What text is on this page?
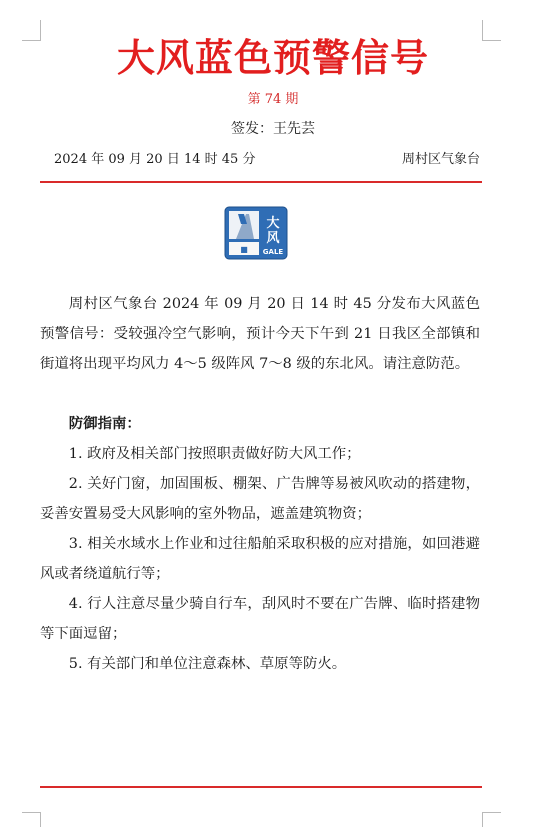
大风蓝色预警信号
第 74 期
签发：王先芸
2024 年 09 月 20 日 14 时 45 分	周村区气象台
■
大
风
GALE

周村区气象台 2024 年 09 月 20 日 14 时 45 分发布大风蓝色预警信号：受较强冷空气影响，预计今天下午到 21 日我区全部镇和街道将出现平均风力 4～5 级阵风 7～8 级的东北风。请注意防范。

防御指南：

1. 政府及相关部门按照职责做好防大风工作；

2. 关好门窗，加固围板、棚架、广告牌等易被风吹动的搭建物，妥善安置易受大风影响的室外物品，遮盖建筑物资；

3. 相关水域水上作业和过往船舶采取积极的应对措施，如回港避风或者绕道航行等；

4. 行人注意尽量少骑自行车，刮风时不要在广告牌、临时搭建物等下面逗留；

5. 有关部门和单位注意森林、草原等防火。
